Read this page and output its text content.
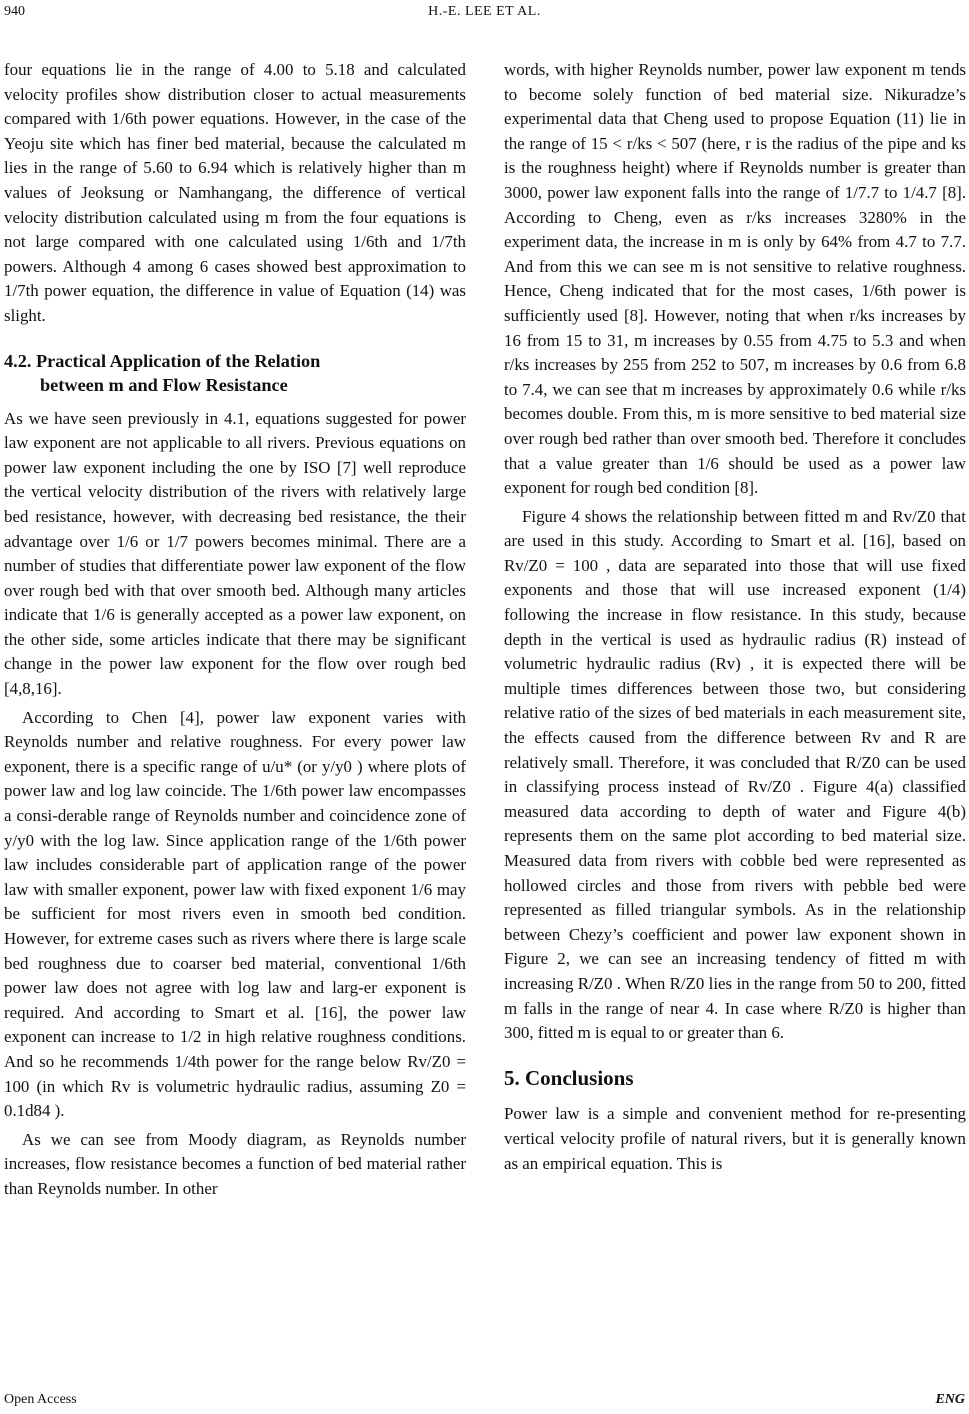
940	H.-E. LEE ET AL.

four equations lie in the range of 4.00 to 5.18 and calculated velocity profiles show distribution closer to actual measurements compared with 1/6th power equations. However, in the case of the Yeoju site which has finer bed material, because the calculated m lies in the range of 5.60 to 6.94 which is relatively higher than m values of Jeoksung or Namhangang, the difference of vertical velocity distribution calculated using m from the four equations is not large compared with one calculated using 1/6th and 1/7th powers. Although 4 among 6 cases showed best approximation to 1/7th power equation, the difference in value of Equation (14) was slight.

4.2. Practical Application of the Relation
between m and Flow Resistance

As we have seen previously in 4.1, equations suggested for power law exponent are not applicable to all rivers. Previous equations on power law exponent including the one by ISO [7] well reproduce the vertical velocity distribution of the rivers with relatively large bed resistance, however, with decreasing bed resistance, the their advantage over 1/6 or 1/7 powers becomes minimal. There are a number of studies that differentiate power law exponent of the flow over rough bed with that over smooth bed. Although many articles indicate that 1/6 is generally accepted as a power law exponent, on the other side, some articles indicate that there may be significant change in the power law exponent for the flow over rough bed [4,8,16].

According to Chen [4], power law exponent varies with Reynolds number and relative roughness. For every power law exponent, there is a specific range of u/u* (or y/y0 ) where plots of power law and log law coincide. The 1/6th power law encompasses a consi-derable range of Reynolds number and coincidence zone of y/y0 with the log law. Since application range of the 1/6th power law includes considerable part of application range of the power law with smaller exponent, power law with fixed exponent 1/6 may be sufficient for most rivers even in smooth bed condition. However, for extreme cases such as rivers where there is large scale bed roughness due to coarser bed material, conventional 1/6th power law does not agree with log law and larg-er exponent is required. And according to Smart et al. [16], the power law exponent can increase to 1/2 in high relative roughness conditions. And so he recommends 1/4th power for the range below Rv/Z0 = 100 (in which Rv is volumetric hydraulic radius, assuming Z0 = 0.1d84 ).

As we can see from Moody diagram, as Reynolds number increases, flow resistance becomes a function of bed material rather than Reynolds number. In other

words, with higher Reynolds number, power law exponent m tends to become solely function of bed material size. Nikuradze’s experimental data that Cheng used to propose Equation (11) lie in the range of 15 < r/ks < 507 (here, r is the radius of the pipe and ks is the roughness height) where if Reynolds number is greater than 3000, power law exponent falls into the range of 1/7.7 to 1/4.7 [8]. According to Cheng, even as r/ks increases 3280% in the experiment data, the increase in m is only by 64% from 4.7 to 7.7. And from this we can see m is not sensitive to relative roughness. Hence, Cheng indicated that for the most cases, 1/6th power is sufficiently used [8]. However, noting that when r/ks increases by 16 from 15 to 31, m increases by 0.55 from 4.75 to 5.3 and when r/ks increases by 255 from 252 to 507, m increases by 0.6 from 6.8 to 7.4, we can see that m increases by approximately 0.6 while r/ks becomes double. From this, m is more sensitive to bed material size over rough bed rather than over smooth bed. Therefore it concludes that a value greater than 1/6 should be used as a power law exponent for rough bed condition [8].

Figure 4 shows the relationship between fitted m and Rv/Z0 that are used in this study. According to Smart et al. [16], based on Rv/Z0 = 100 , data are separated into those that will use fixed exponents and those that will use increased exponent (1/4) following the increase in flow resistance. In this study, because depth in the vertical is used as hydraulic radius (R) instead of volumetric hydraulic radius (Rv) , it is expected there will be multiple times differences between those two, but considering relative ratio of the sizes of bed materials in each measurement site, the effects caused from the difference between Rv and R are relatively small. Therefore, it was concluded that R/Z0 can be used in classifying process instead of Rv/Z0 . Figure 4(a) classified measured data according to depth of water and Figure 4(b) represents them on the same plot according to bed material size. Measured data from rivers with cobble bed were represented as hollowed circles and those from rivers with pebble bed were represented as filled triangular symbols. As in the relationship between Chezy’s coefficient and power law exponent shown in Figure 2, we can see an increasing tendency of fitted m with increasing R/Z0 . When R/Z0 lies in the range from 50 to 200, fitted m falls in the range of near 4. In case where R/Z0 is higher than 300, fitted m is equal to or greater than 6.

5. Conclusions

Power law is a simple and convenient method for re-presenting vertical velocity profile of natural rivers, but it is generally known as an empirical equation. This is

Open Access	ENG
